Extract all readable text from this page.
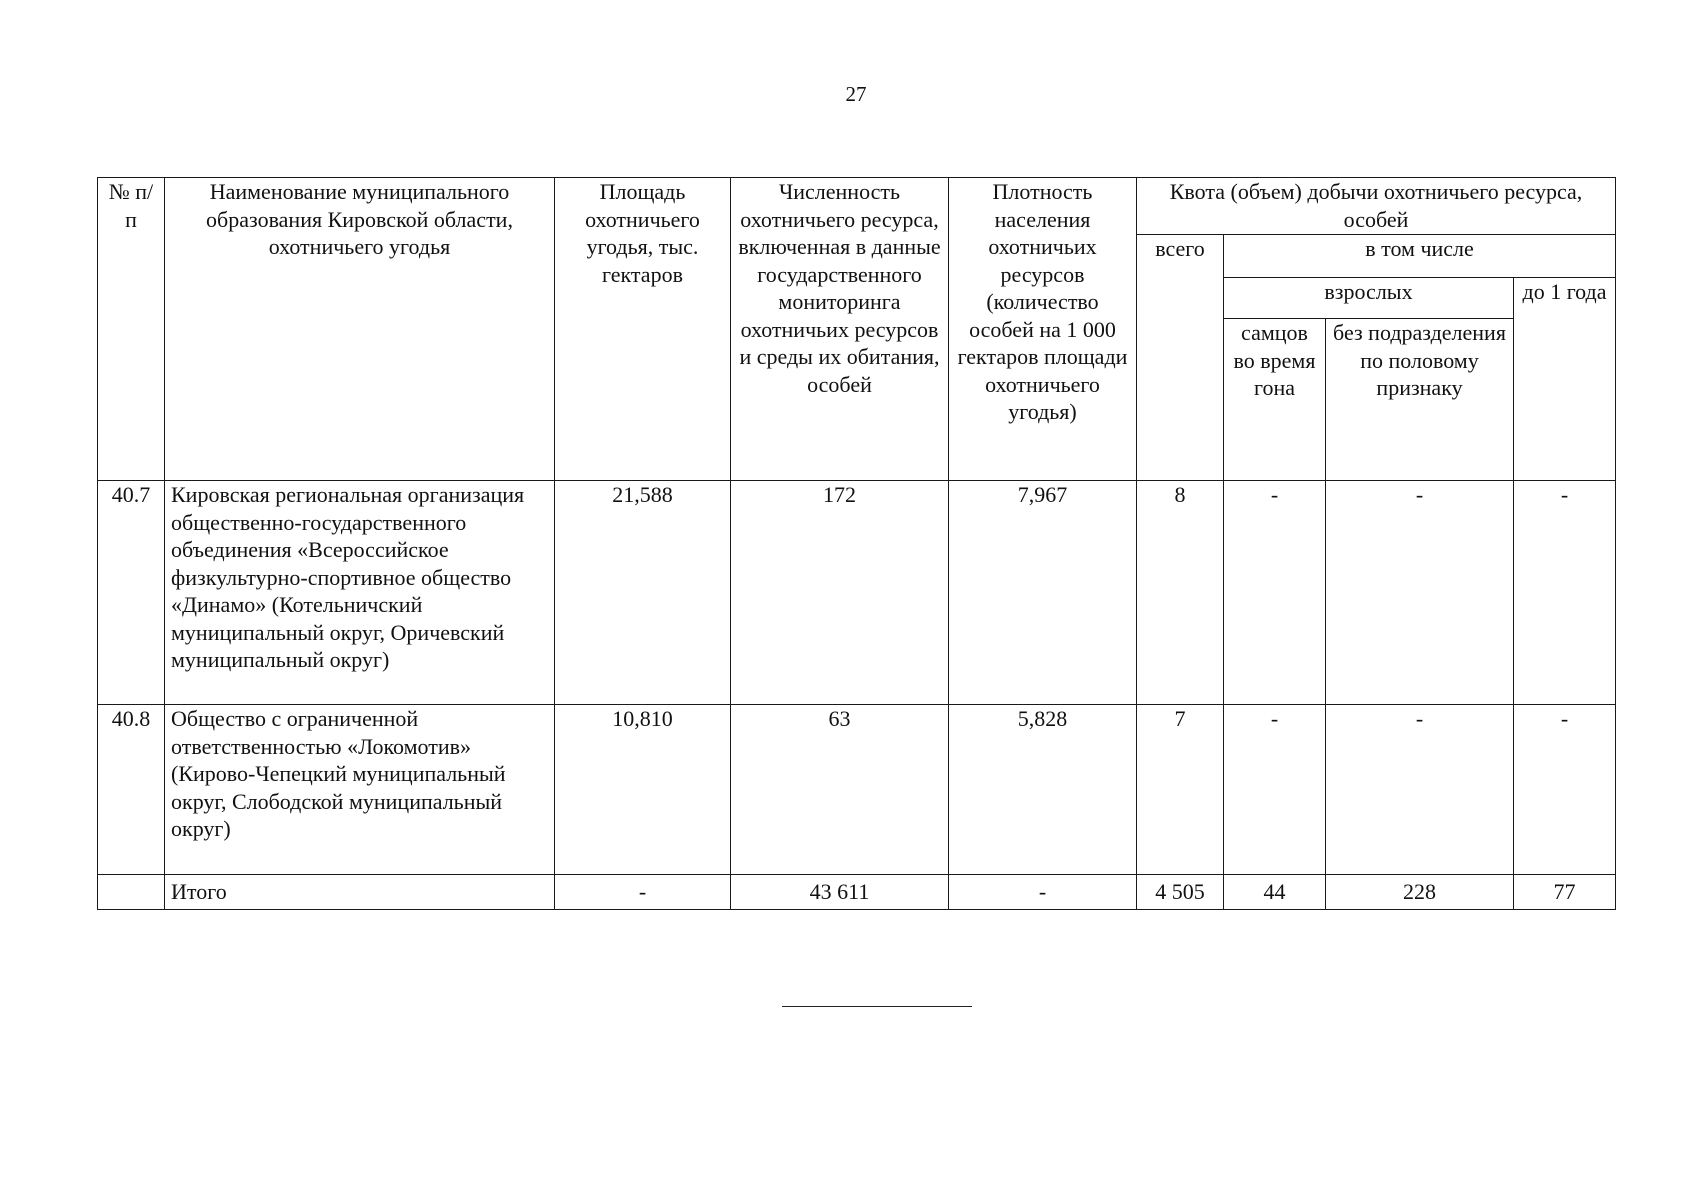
27
№ п/п	Наименование муниципального образования Кировской области, охотничьего угодья	Площадь охотничьего угодья, тыс. гектаров	Численность охотничьего ресурса, включенная в данные государственного мониторинга охотничьих ресурсов и среды их обитания, особей	Плотность населения охотничьих ресурсов (количество особей на 1 000 гектаров площади охотничьего угодья)	Квота (объем) добычи охотничьего ресурса, особей			
					всего	в том числе		
						взрослых		до 1 года
						самцов во время гона	без подразделения по половому признаку	
40.7	Кировская региональная организация общественно-государственного объединения «Всероссийское физкультурно-спортивное общество «Динамо» (Котельничский муниципальный округ, Оричевский муниципальный округ)	21,588	172	7,967	8	-	-	-
40.8	Общество с ограниченной ответственностью «Локомотив» (Кирово-Чепецкий муниципальный округ, Слободской муниципальный округ)	10,810	63	5,828	7	-	-	-
	Итого	-	43 611	-	4 505	44	228	77
